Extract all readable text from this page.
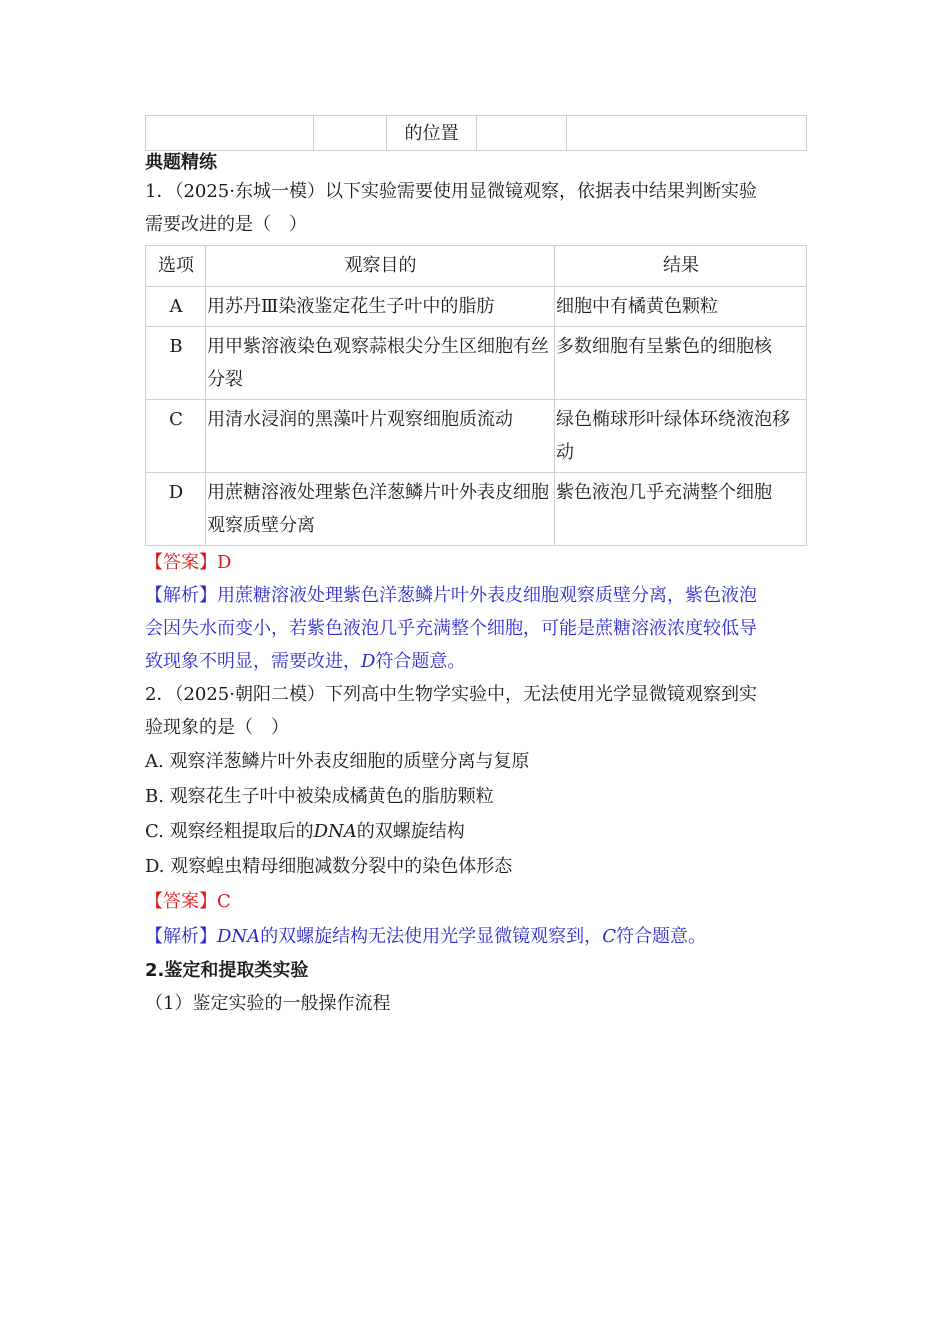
		的位置		

典题精练

1．（2025·东城一模）以下实验需要使用显微镜观察，依据表中结果判断实验

需要改进的是（　）

选项	观察目的	结果
A	用苏丹Ⅲ染液鉴定花生子叶中的脂肪	细胞中有橘黄色颗粒
B	用甲紫溶液染色观察蒜根尖分生区细胞有丝分裂	多数细胞有呈紫色的细胞核
C	用清水浸润的黑藻叶片观察细胞质流动	绿色椭球形叶绿体环绕液泡移动
D	用蔗糖溶液处理紫色洋葱鳞片叶外表皮细胞观察质壁分离	紫色液泡几乎充满整个细胞

【答案】D

【解析】用蔗糖溶液处理紫色洋葱鳞片叶外表皮细胞观察质壁分离，紫色液泡
会因失水而变小，若紫色液泡几乎充满整个细胞，可能是蔗糖溶液浓度较低导
致现象不明显，需要改进，D符合题意。

2．（2025·朝阳二模）下列高中生物学实验中，无法使用光学显微镜观察到实

验现象的是（　）

A. 观察洋葱鳞片叶外表皮细胞的质壁分离与复原

B. 观察花生子叶中被染成橘黄色的脂肪颗粒

C. 观察经粗提取后的DNA的双螺旋结构

D. 观察蝗虫精母细胞减数分裂中的染色体形态

【答案】C

【解析】DNA的双螺旋结构无法使用光学显微镜观察到，C符合题意。

2.鉴定和提取类实验

（1）鉴定实验的一般操作流程
